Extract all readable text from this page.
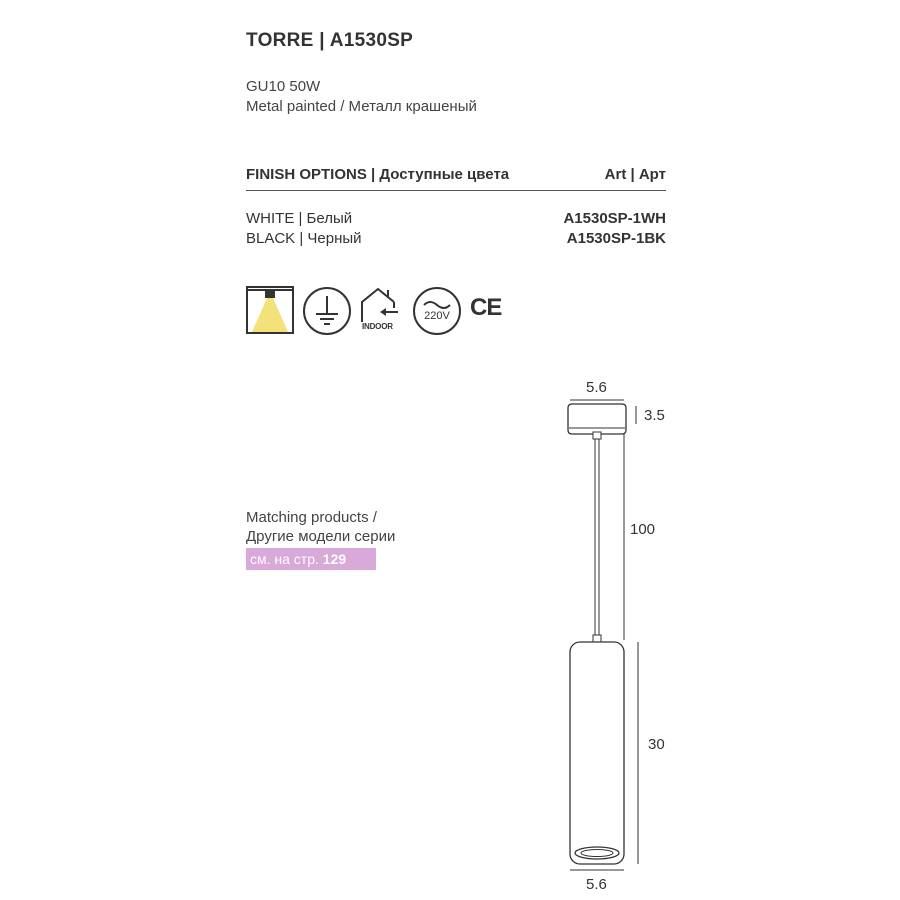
TORRE | A1530SP
GU10 50W
Metal painted / Металл крашеный
FINISH OPTIONS | Доступные цвета	Art | Арт
WHITE | Белый	A1530SP-1WH
BLACK | Черный	A1530SP-1BK
INDOOR
220V CE
Matching products /
Другие модели серии
см. на стр. 129
5.6
3.5
100
30
5.6
